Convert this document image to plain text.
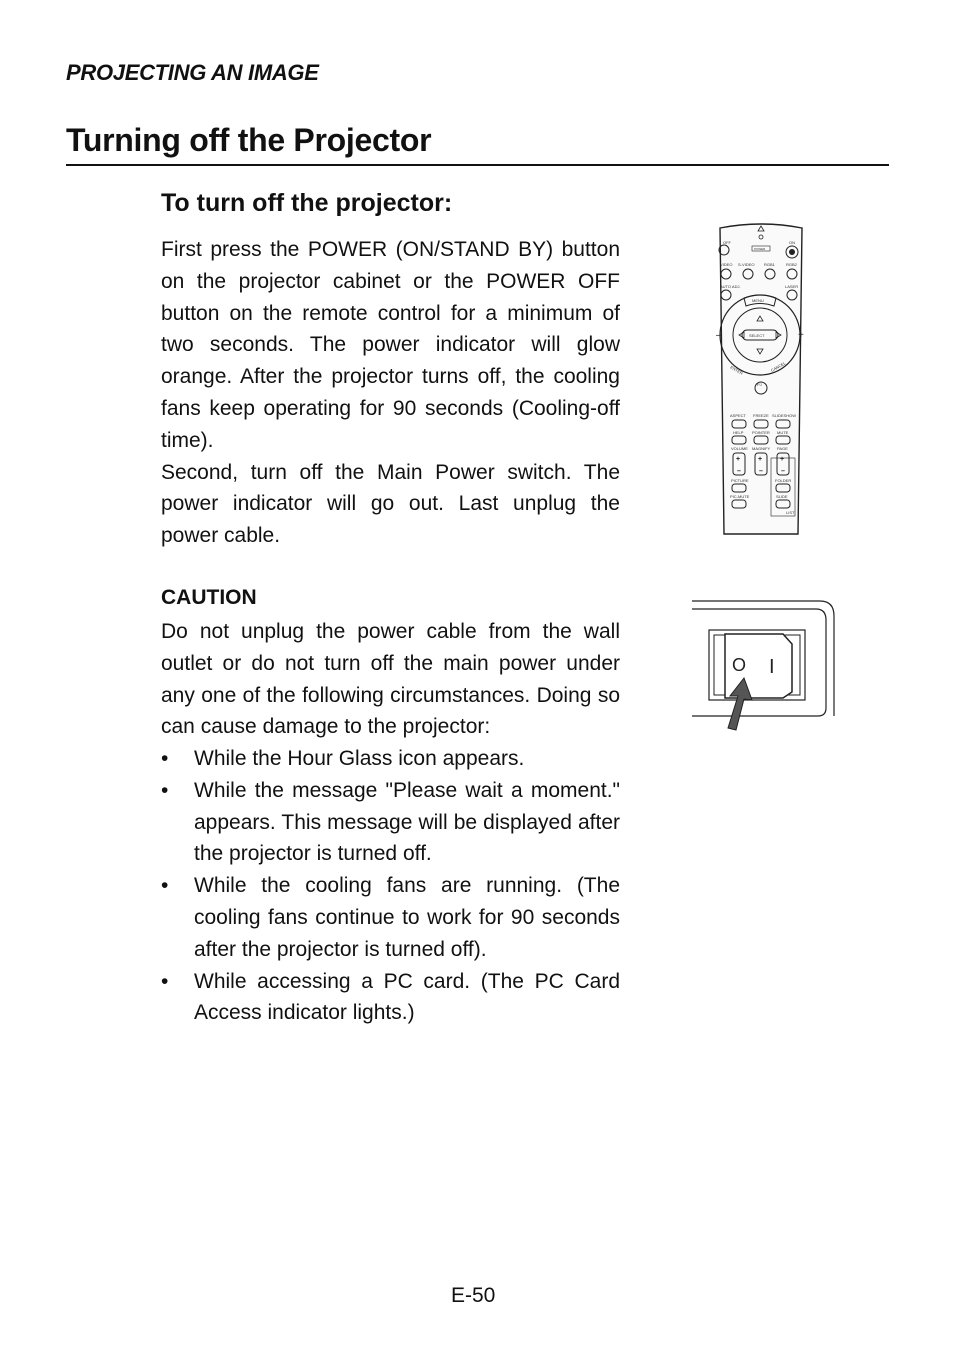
PROJECTING AN IMAGE
Turning off the Projector
To turn off the projector:

First press the POWER (ON/STAND BY) button on the projector cabinet or the POWER OFF button on the remote control for a minimum of two seconds. The power indicator will glow orange. After the projector turns off, the cooling fans keep operating for 90 seconds (Cooling-off time).

Second, turn off the Main Power switch. The power indicator will go out. Last unplug the power cable.

CAUTION
Do not unplug the power cable from the wall outlet or do not turn off the main power under any one of the following circumstances. Doing so can cause damage to the projector:
• While the Hour Glass icon appears.
• While the message "Please wait a moment." appears. This message will be displayed after the projector is turned off.
• While the cooling fans are running. (The cooling fans continue to work for 90 seconds after the projector is turned off).
• While accessing a PC card. (The PC Card Access indicator lights.)
OFF	ON
POWER
VIDEO S-VIDEO RGB1	RGB2
AUTO ADJ.	LASER
MENU
SELECT
–	+
ENTER	CANCEL
PJ
ASPECT FREEZE SLIDESHOW
HELP POINTER MUTE
VOLUME MAGNIFY PAGE
+
–
+
–
+
–
PICTURE	FOLDER
PIC-MUTE	SLIDE
LIST
O I
E-50
